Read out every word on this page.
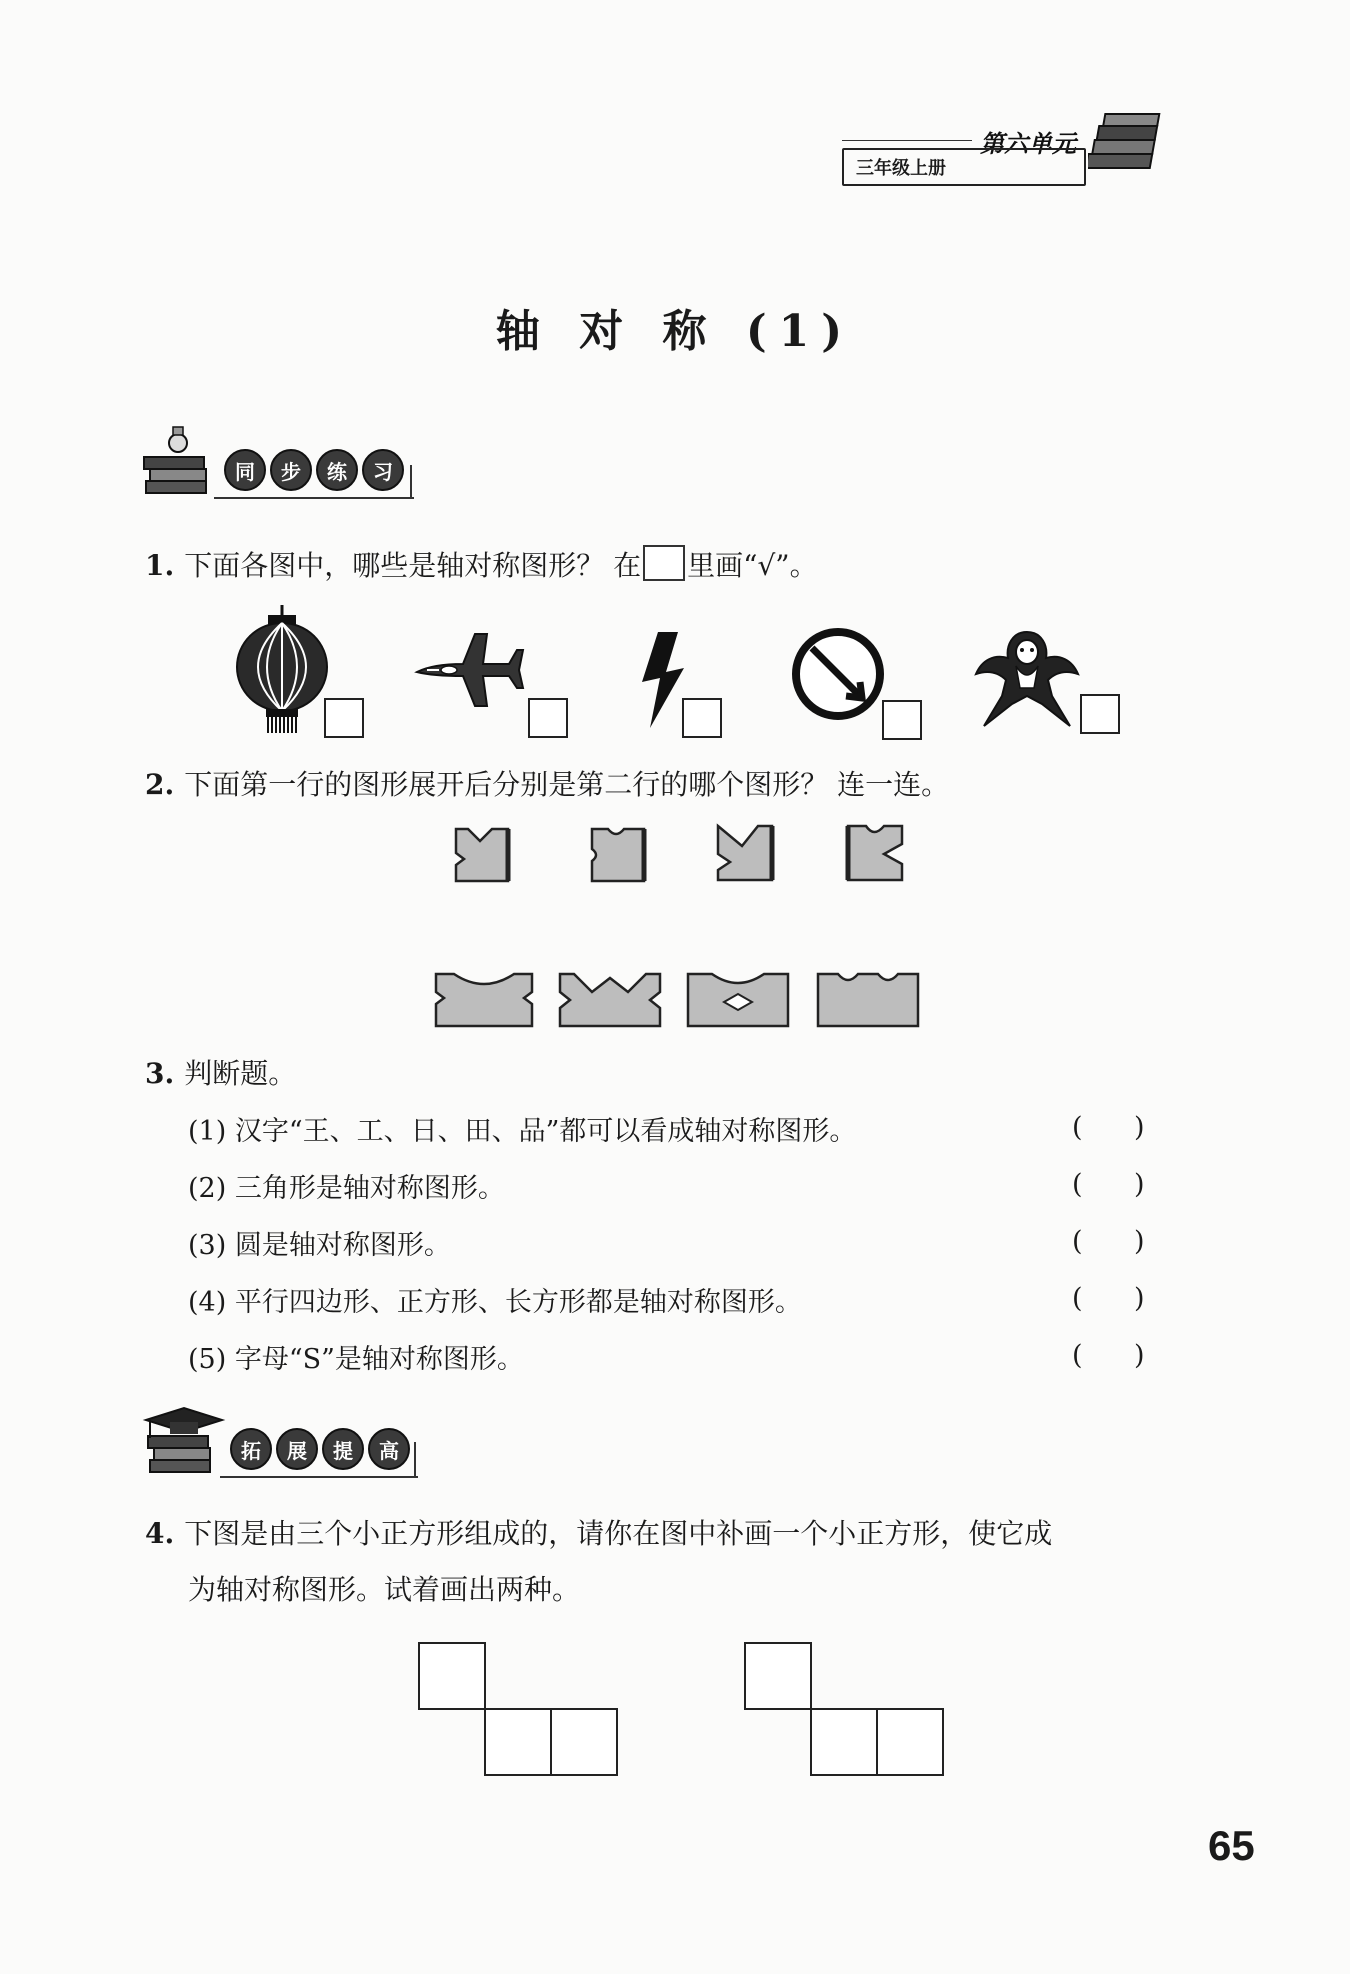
第六单元
三年级上册
轴 对 称 (1)
同 步 练 习
1. 下面各图中，哪些是轴对称图形？ 在 里画“√”。
2. 下面第一行的图形展开后分别是第二行的哪个图形？ 连一连。
3. 判断题。
(1) 汉字“王、工、日、田、品”都可以看成轴对称图形。	(      )
(2) 三角形是轴对称图形。	(      )
(3) 圆是轴对称图形。	(      )
(4) 平行四边形、正方形、长方形都是轴对称图形。	(      )
(5) 字母“S”是轴对称图形。	(      )
拓 展 提 高
4. 下图是由三个小正方形组成的，请你在图中补画一个小正方形，使它成
为轴对称图形。试着画出两种。
65
